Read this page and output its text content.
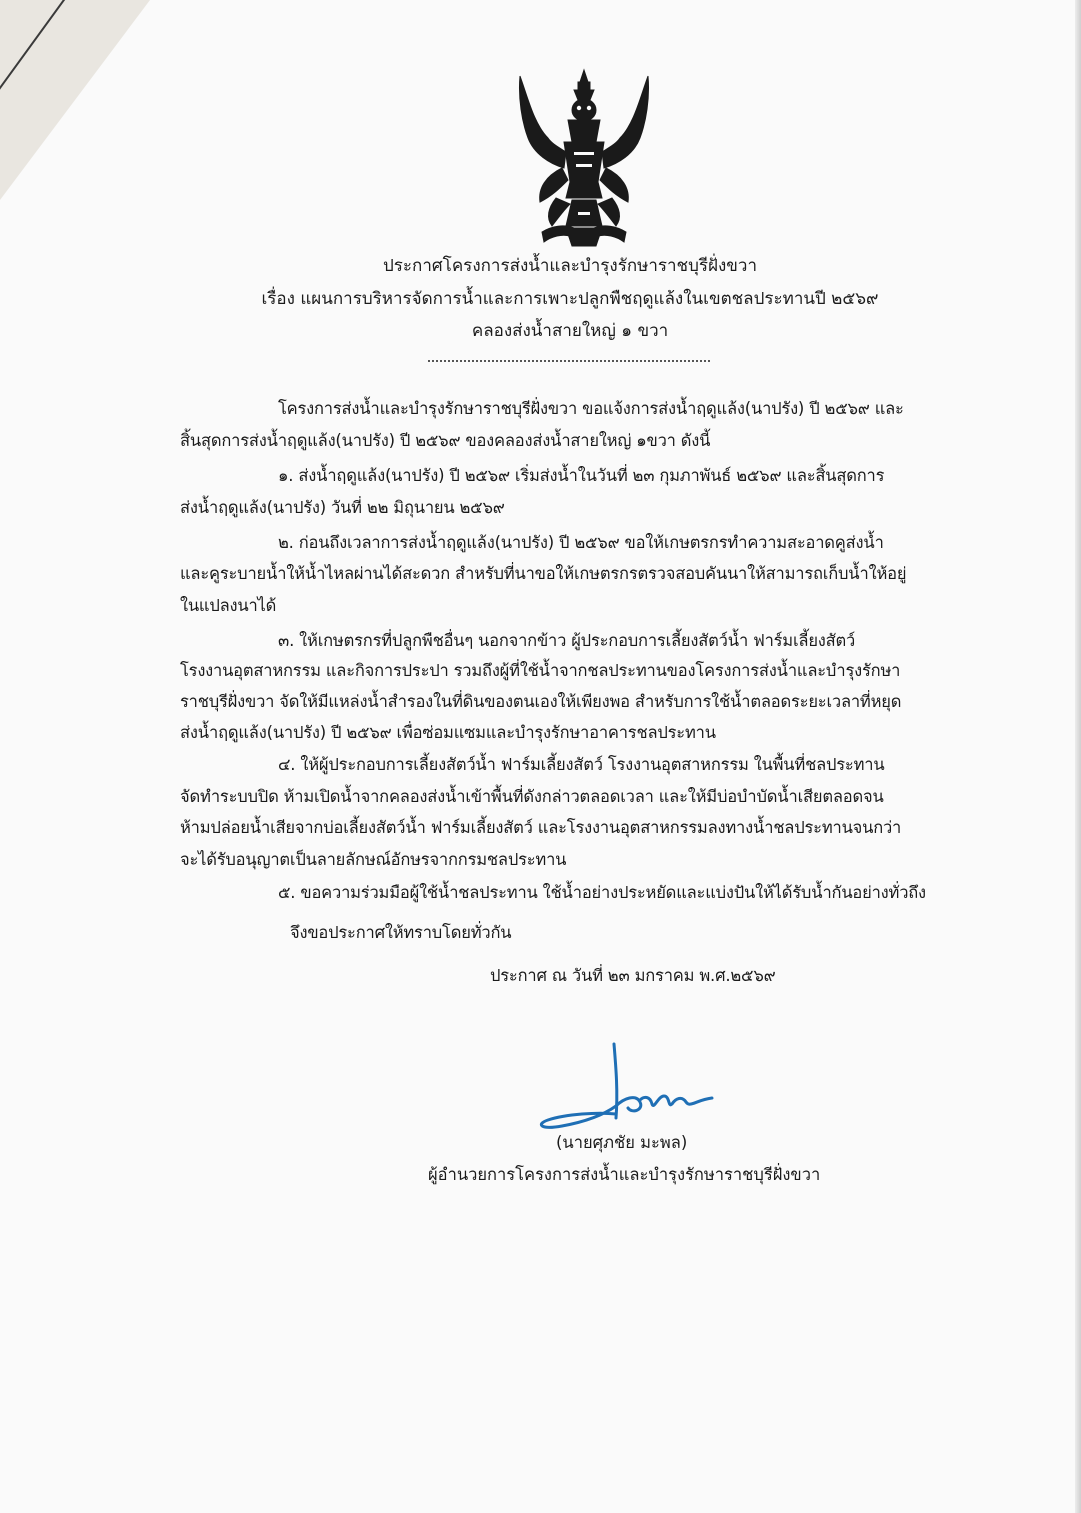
ประกาศโครงการส่งน้ำและบำรุงรักษาราชบุรีฝั่งขวา
เรื่อง แผนการบริหารจัดการน้ำและการเพาะปลูกพืชฤดูแล้งในเขตชลประทานปี ๒๕๖๙
คลองส่งน้ำสายใหญ่ ๑ ขวา
โครงการส่งน้ำและบำรุงรักษาราชบุรีฝั่งขวา ขอแจ้งการส่งน้ำฤดูแล้ง(นาปรัง) ปี ๒๕๖๙ และ
สิ้นสุดการส่งน้ำฤดูแล้ง(นาปรัง) ปี ๒๕๖๙ ของคลองส่งน้ำสายใหญ่ ๑ขวา ดังนี้
๑. ส่งน้ำฤดูแล้ง(นาปรัง) ปี ๒๕๖๙ เริ่มส่งน้ำในวันที่ ๒๓ กุมภาพันธ์ ๒๕๖๙ และสิ้นสุดการ
ส่งน้ำฤดูแล้ง(นาปรัง) วันที่ ๒๒ มิถุนายน ๒๕๖๙
๒. ก่อนถึงเวลาการส่งน้ำฤดูแล้ง(นาปรัง) ปี ๒๕๖๙ ขอให้เกษตรกรทำความสะอาดคูส่งน้ำ
และคูระบายน้ำให้น้ำไหลผ่านได้สะดวก สำหรับที่นาขอให้เกษตรกรตรวจสอบคันนาให้สามารถเก็บน้ำให้อยู่
ในแปลงนาได้
๓. ให้เกษตรกรที่ปลูกพืชอื่นๆ นอกจากข้าว ผู้ประกอบการเลี้ยงสัตว์น้ำ ฟาร์มเลี้ยงสัตว์
โรงงานอุตสาหกรรม และกิจการประปา รวมถึงผู้ที่ใช้น้ำจากชลประทานของโครงการส่งน้ำและบำรุงรักษา
ราชบุรีฝั่งขวา จัดให้มีแหล่งน้ำสำรองในที่ดินของตนเองให้เพียงพอ สำหรับการใช้น้ำตลอดระยะเวลาที่หยุด
ส่งน้ำฤดูแล้ง(นาปรัง) ปี ๒๕๖๙ เพื่อซ่อมแซมและบำรุงรักษาอาคารชลประทาน
๔. ให้ผู้ประกอบการเลี้ยงสัตว์น้ำ ฟาร์มเลี้ยงสัตว์ โรงงานอุตสาหกรรม ในพื้นที่ชลประทาน
จัดทำระบบปิด ห้ามเปิดน้ำจากคลองส่งน้ำเข้าพื้นที่ดังกล่าวตลอดเวลา และให้มีบ่อบำบัดน้ำเสียตลอดจน
ห้ามปล่อยน้ำเสียจากบ่อเลี้ยงสัตว์น้ำ ฟาร์มเลี้ยงสัตว์ และโรงงานอุตสาหกรรมลงทางน้ำชลประทานจนกว่า
จะได้รับอนุญาตเป็นลายลักษณ์อักษรจากกรมชลประทาน
๕. ขอความร่วมมือผู้ใช้น้ำชลประทาน ใช้น้ำอย่างประหยัดและแบ่งปันให้ได้รับน้ำกันอย่างทั่วถึง
จึงขอประกาศให้ทราบโดยทั่วกัน
ประกาศ ณ วันที่ ๒๓ มกราคม พ.ศ.๒๕๖๙
(นายศุภชัย มะพล)
ผู้อำนวยการโครงการส่งน้ำและบำรุงรักษาราชบุรีฝั่งขวา
